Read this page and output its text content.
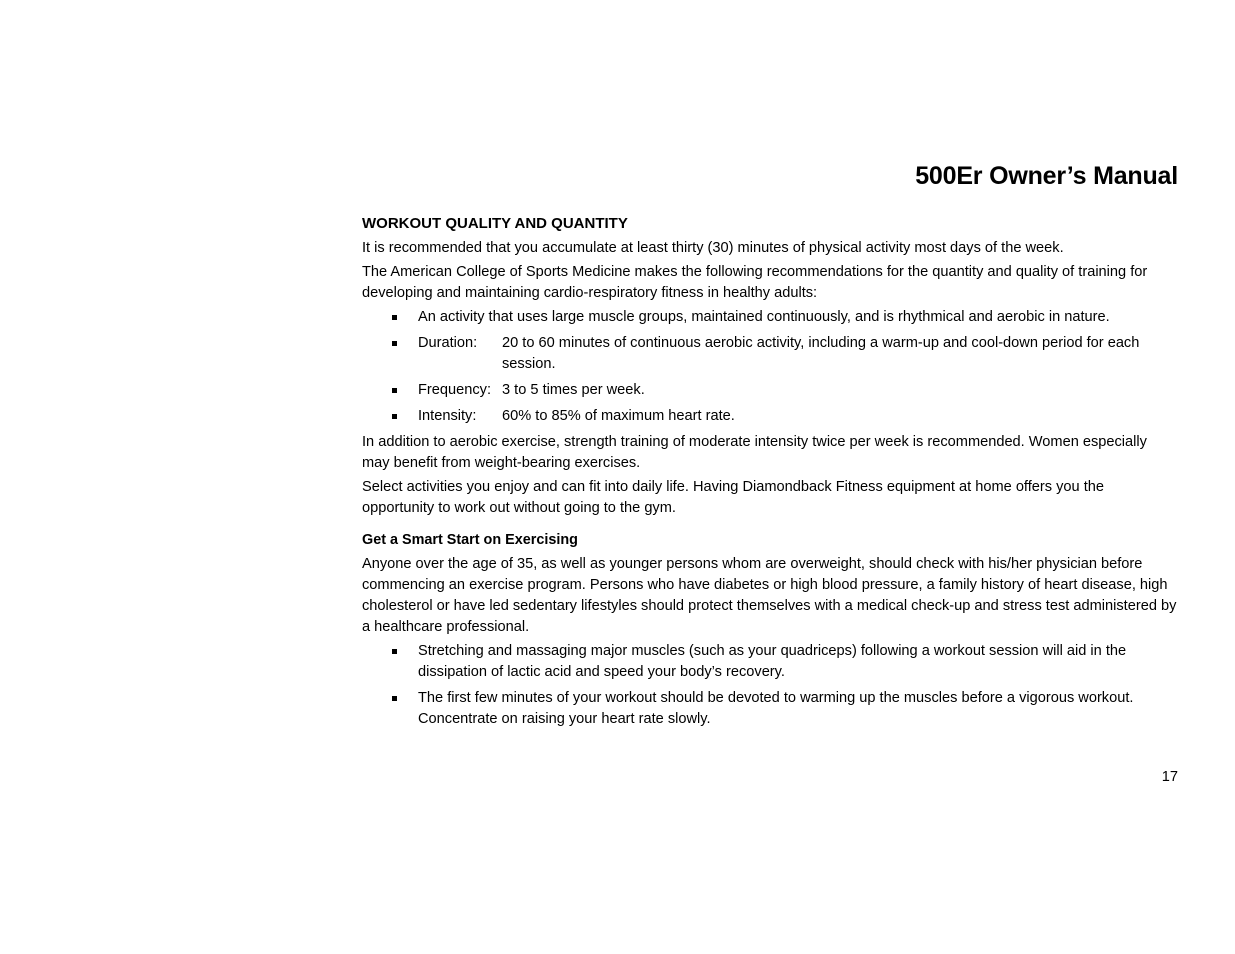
500Er Owner’s Manual
WORKOUT QUALITY AND QUANTITY

It is recommended that you accumulate at least thirty (30) minutes of physical activity most days of the week.

The American College of Sports Medicine makes the following recommendations for the quantity and quality of training for developing and maintaining cardio-respiratory fitness in healthy adults:

An activity that uses large muscle groups, maintained continuously, and is rhythmical and aerobic in nature.
Duration:	20 to 60 minutes of continuous aerobic activity, including a warm-up and cool-down period for each session.
Frequency: 3 to 5 times per week.
Intensity:	60% to 85% of maximum heart rate.

In addition to aerobic exercise, strength training of moderate intensity twice per week is recommended. Women especially may benefit from weight-bearing exercises.

Select activities you enjoy and can fit into daily life. Having Diamondback Fitness equipment at home offers you the opportunity to work out without going to the gym.

Get a Smart Start on Exercising

Anyone over the age of 35, as well as younger persons whom are overweight, should check with his/her physician before commencing an exercise program. Persons who have diabetes or high blood pressure, a family history of heart disease, high cholesterol or have led sedentary lifestyles should protect themselves with a medical check-up and stress test administered by a healthcare professional.

Stretching and massaging major muscles (such as your quadriceps) following a workout session will aid in the dissipation of lactic acid and speed your body’s recovery.
The first few minutes of your workout should be devoted to warming up the muscles before a vigorous workout. Concentrate on raising your heart rate slowly.
17
